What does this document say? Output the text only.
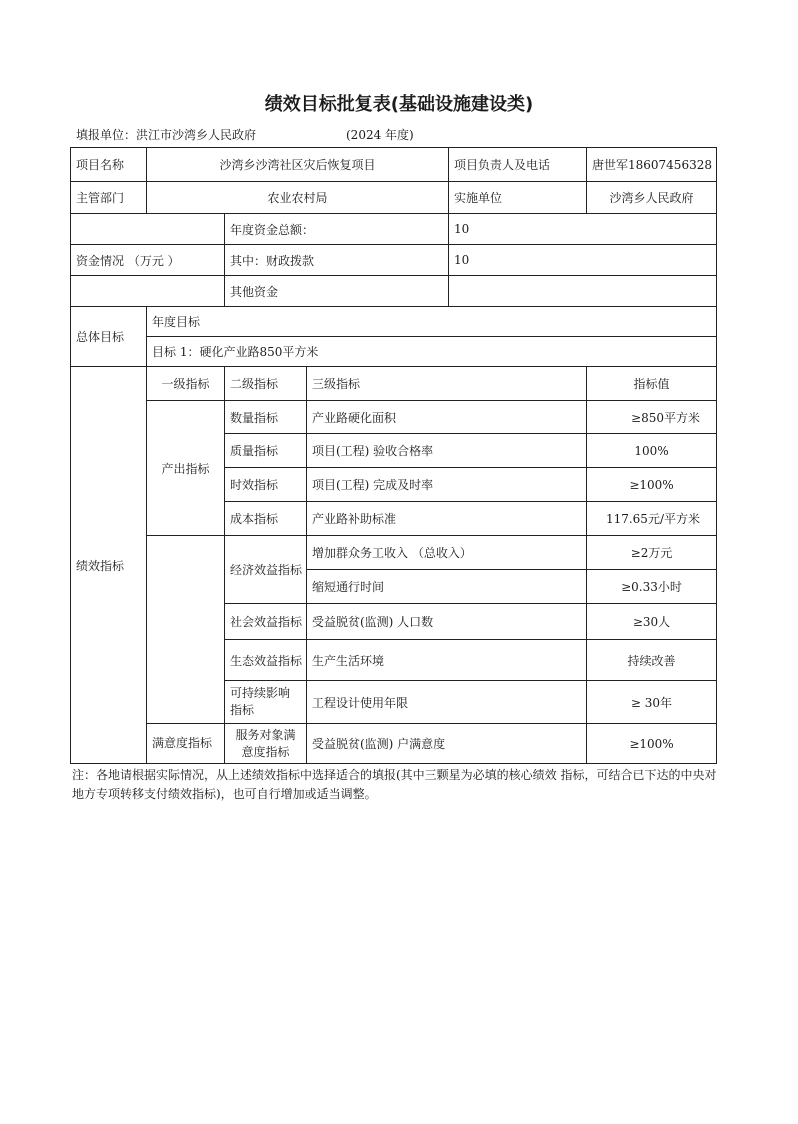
绩效目标批复表(基础设施建设类)
填报单位：洪江市沙湾乡人民政府	(2024 年度)
项目名称	沙湾乡沙湾社区灾后恢复项目			项目负责人及电话	唐世军18607456328
主管部门	农业农村局			实施单位	沙湾乡人民政府
		年度资金总额：		10	
资金情况 （万元 ）		其中：财政拨款		10	
		其他资金			
总体目标	年度目标				
	目标 1：硬化产业路850平方米				
绩效指标	一级指标	二级指标	三级指标		指标值
	产出指标	数量指标	产业路硬化面积		≥850平方米
		质量指标	项目(工程) 验收合格率		100%
		时效指标	项目(工程) 完成及时率		≥100%
		成本指标	产业路补助标准		117.65元/平方米
		经济效益指标	增加群众务工收入 （总收入）		≥2万元
			缩短通行时间		≥0.33小时
		社会效益指标	受益脱贫(监测) 人口数		≥30人
		生态效益指标	生产生活环境		持续改善
		可持续影响指标	工程设计使用年限		≥ 30年
	满意度指标	服务对象满意度指标	受益脱贫(监测) 户满意度		≥100%
注：各地请根据实际情况，从上述绩效指标中选择适合的填报(其中三颗星为必填的核心绩效 指标，可结合已下达的中央对地方专项转移支付绩效指标)，也可自行增加或适当调整。
